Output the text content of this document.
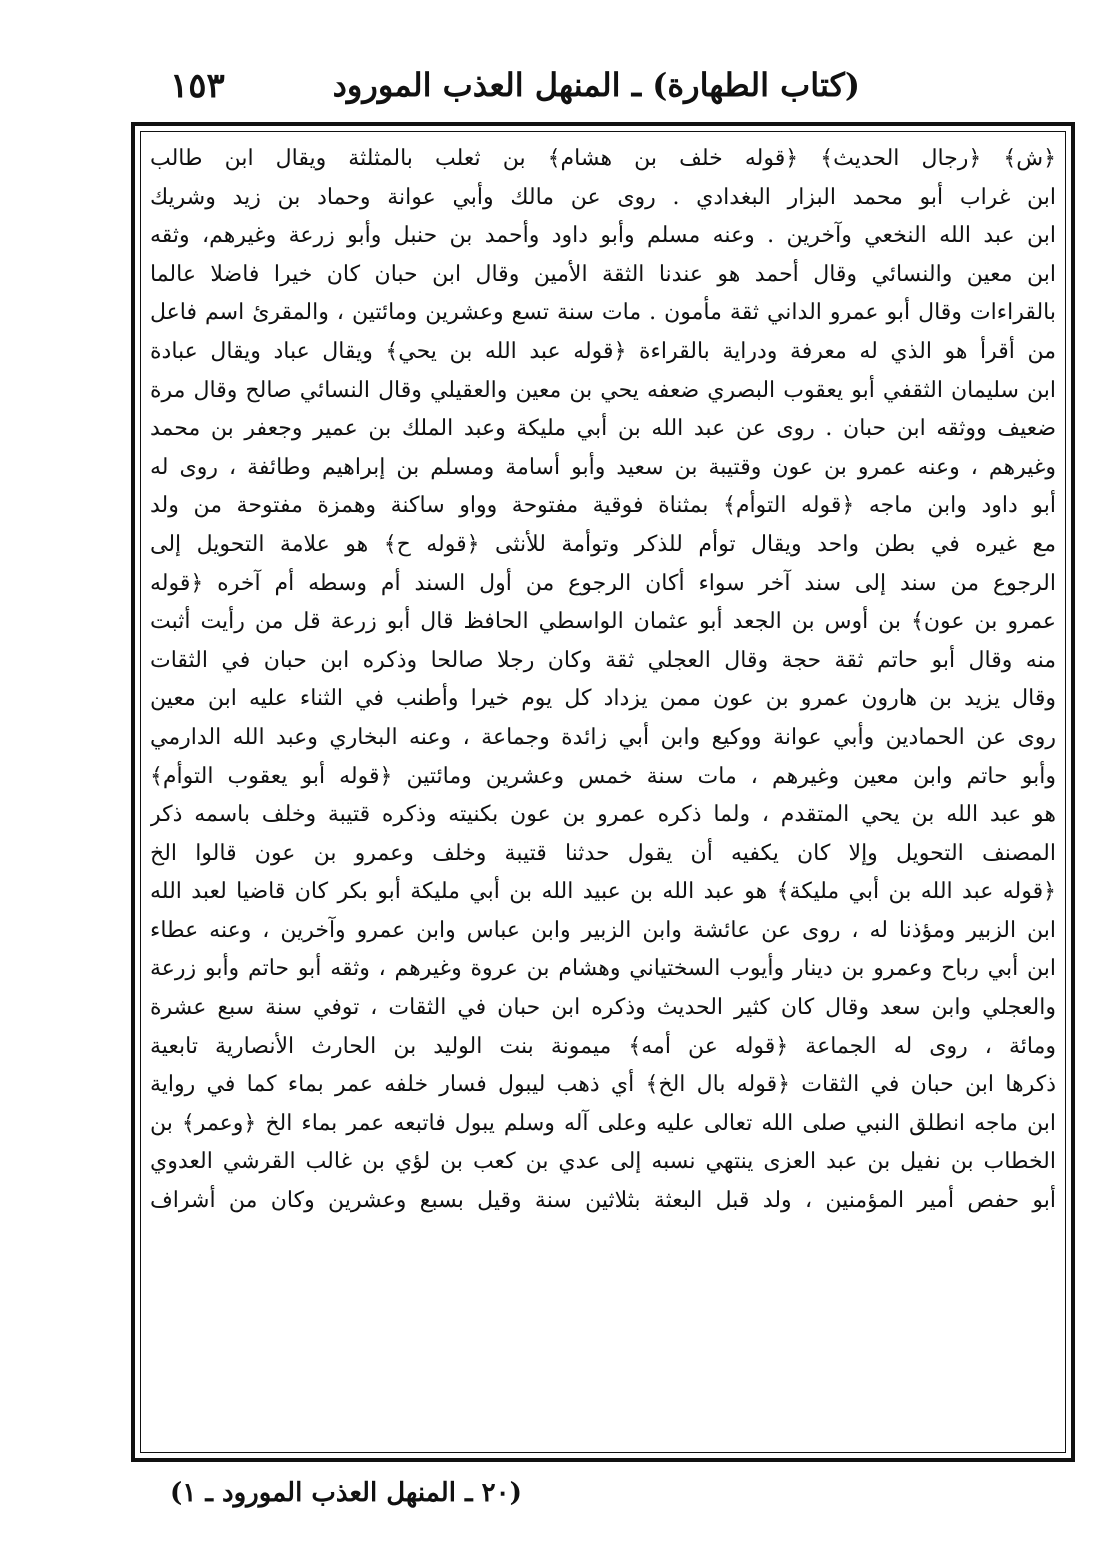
١٥٣	(كتاب الطهارة) ـ المنهل العذب المورود
﴿ش﴾ ﴿رجال الحديث﴾ ﴿قوله خلف بن هشام﴾ بن ثعلب بالمثلثة ويقال ابن طالب
ابن غراب أبو محمد البزار البغدادي . روى عن مالك وأبي عوانة وحماد بن زيد وشريك
ابن عبد الله النخعي وآخرين . وعنه مسلم وأبو داود وأحمد بن حنبل وأبو زرعة وغيرهم، وثقه
ابن معين والنسائي وقال أحمد هو عندنا الثقة الأمين وقال ابن حبان كان خيرا فاضلا عالما
بالقراءات وقال أبو عمرو الداني ثقة مأمون . مات سنة تسع وعشرين ومائتين ، والمقرئ اسم فاعل
من أقرأ هو الذي له معرفة ودراية بالقراءة ﴿قوله عبد الله بن يحي﴾ ويقال عباد ويقال عبادة
ابن سليمان الثقفي أبو يعقوب البصري ضعفه يحي بن معين والعقيلي وقال النسائي صالح وقال مرة
ضعيف ووثقه ابن حبان . روى عن عبد الله بن أبي مليكة وعبد الملك بن عمير وجعفر بن محمد
وغيرهم ، وعنه عمرو بن عون وقتيبة بن سعيد وأبو أسامة ومسلم بن إبراهيم وطائفة ، روى له
أبو داود وابن ماجه ﴿قوله التوأم﴾ بمثناة فوقية مفتوحة وواو ساكنة وهمزة مفتوحة من ولد
مع غيره في بطن واحد ويقال توأم للذكر وتوأمة للأنثى ﴿قوله ح﴾ هو علامة التحويل إلى
الرجوع من سند إلى سند آخر سواء أكان الرجوع من أول السند أم وسطه أم آخره ﴿قوله
عمرو بن عون﴾ بن أوس بن الجعد أبو عثمان الواسطي الحافظ قال أبو زرعة قل من رأيت أثبت
منه وقال أبو حاتم ثقة حجة وقال العجلي ثقة وكان رجلا صالحا وذكره ابن حبان في الثقات
وقال يزيد بن هارون عمرو بن عون ممن يزداد كل يوم خيرا وأطنب في الثناء عليه ابن معين
روى عن الحمادين وأبي عوانة ووكيع وابن أبي زائدة وجماعة ، وعنه البخاري وعبد الله الدارمي
وأبو حاتم وابن معين وغيرهم ، مات سنة خمس وعشرين ومائتين ﴿قوله أبو يعقوب التوأم﴾
هو عبد الله بن يحي المتقدم ، ولما ذكره عمرو بن عون بكنيته وذكره قتيبة وخلف باسمه ذكر
المصنف التحويل وإلا كان يكفيه أن يقول حدثنا قتيبة وخلف وعمرو بن عون قالوا الخ
﴿قوله عبد الله بن أبي مليكة﴾ هو عبد الله بن عبيد الله بن أبي مليكة أبو بكر كان قاضيا لعبد الله
ابن الزبير ومؤذنا له ، روى عن عائشة وابن الزبير وابن عباس وابن عمرو وآخرين ، وعنه عطاء
ابن أبي رباح وعمرو بن دينار وأيوب السختياني وهشام بن عروة وغيرهم ، وثقه أبو حاتم وأبو زرعة
والعجلي وابن سعد وقال كان كثير الحديث وذكره ابن حبان في الثقات ، توفي سنة سبع عشرة
ومائة ، روى له الجماعة ﴿قوله عن أمه﴾ ميمونة بنت الوليد بن الحارث الأنصارية تابعية
ذكرها ابن حبان في الثقات ﴿قوله بال الخ﴾ أي ذهب ليبول فسار خلفه عمر بماء كما في رواية
ابن ماجه انطلق النبي صلى الله تعالى عليه وعلى آله وسلم يبول فاتبعه عمر بماء الخ ﴿وعمر﴾ بن
الخطاب بن نفيل بن عبد العزى ينتهي نسبه إلى عدي بن كعب بن لؤي بن غالب القرشي العدوي
أبو حفص أمير المؤمنين ، ولد قبل البعثة بثلاثين سنة وقيل بسبع وعشرين وكان من أشراف
(٢٠ ـ المنهل العذب المورود ـ ١)
